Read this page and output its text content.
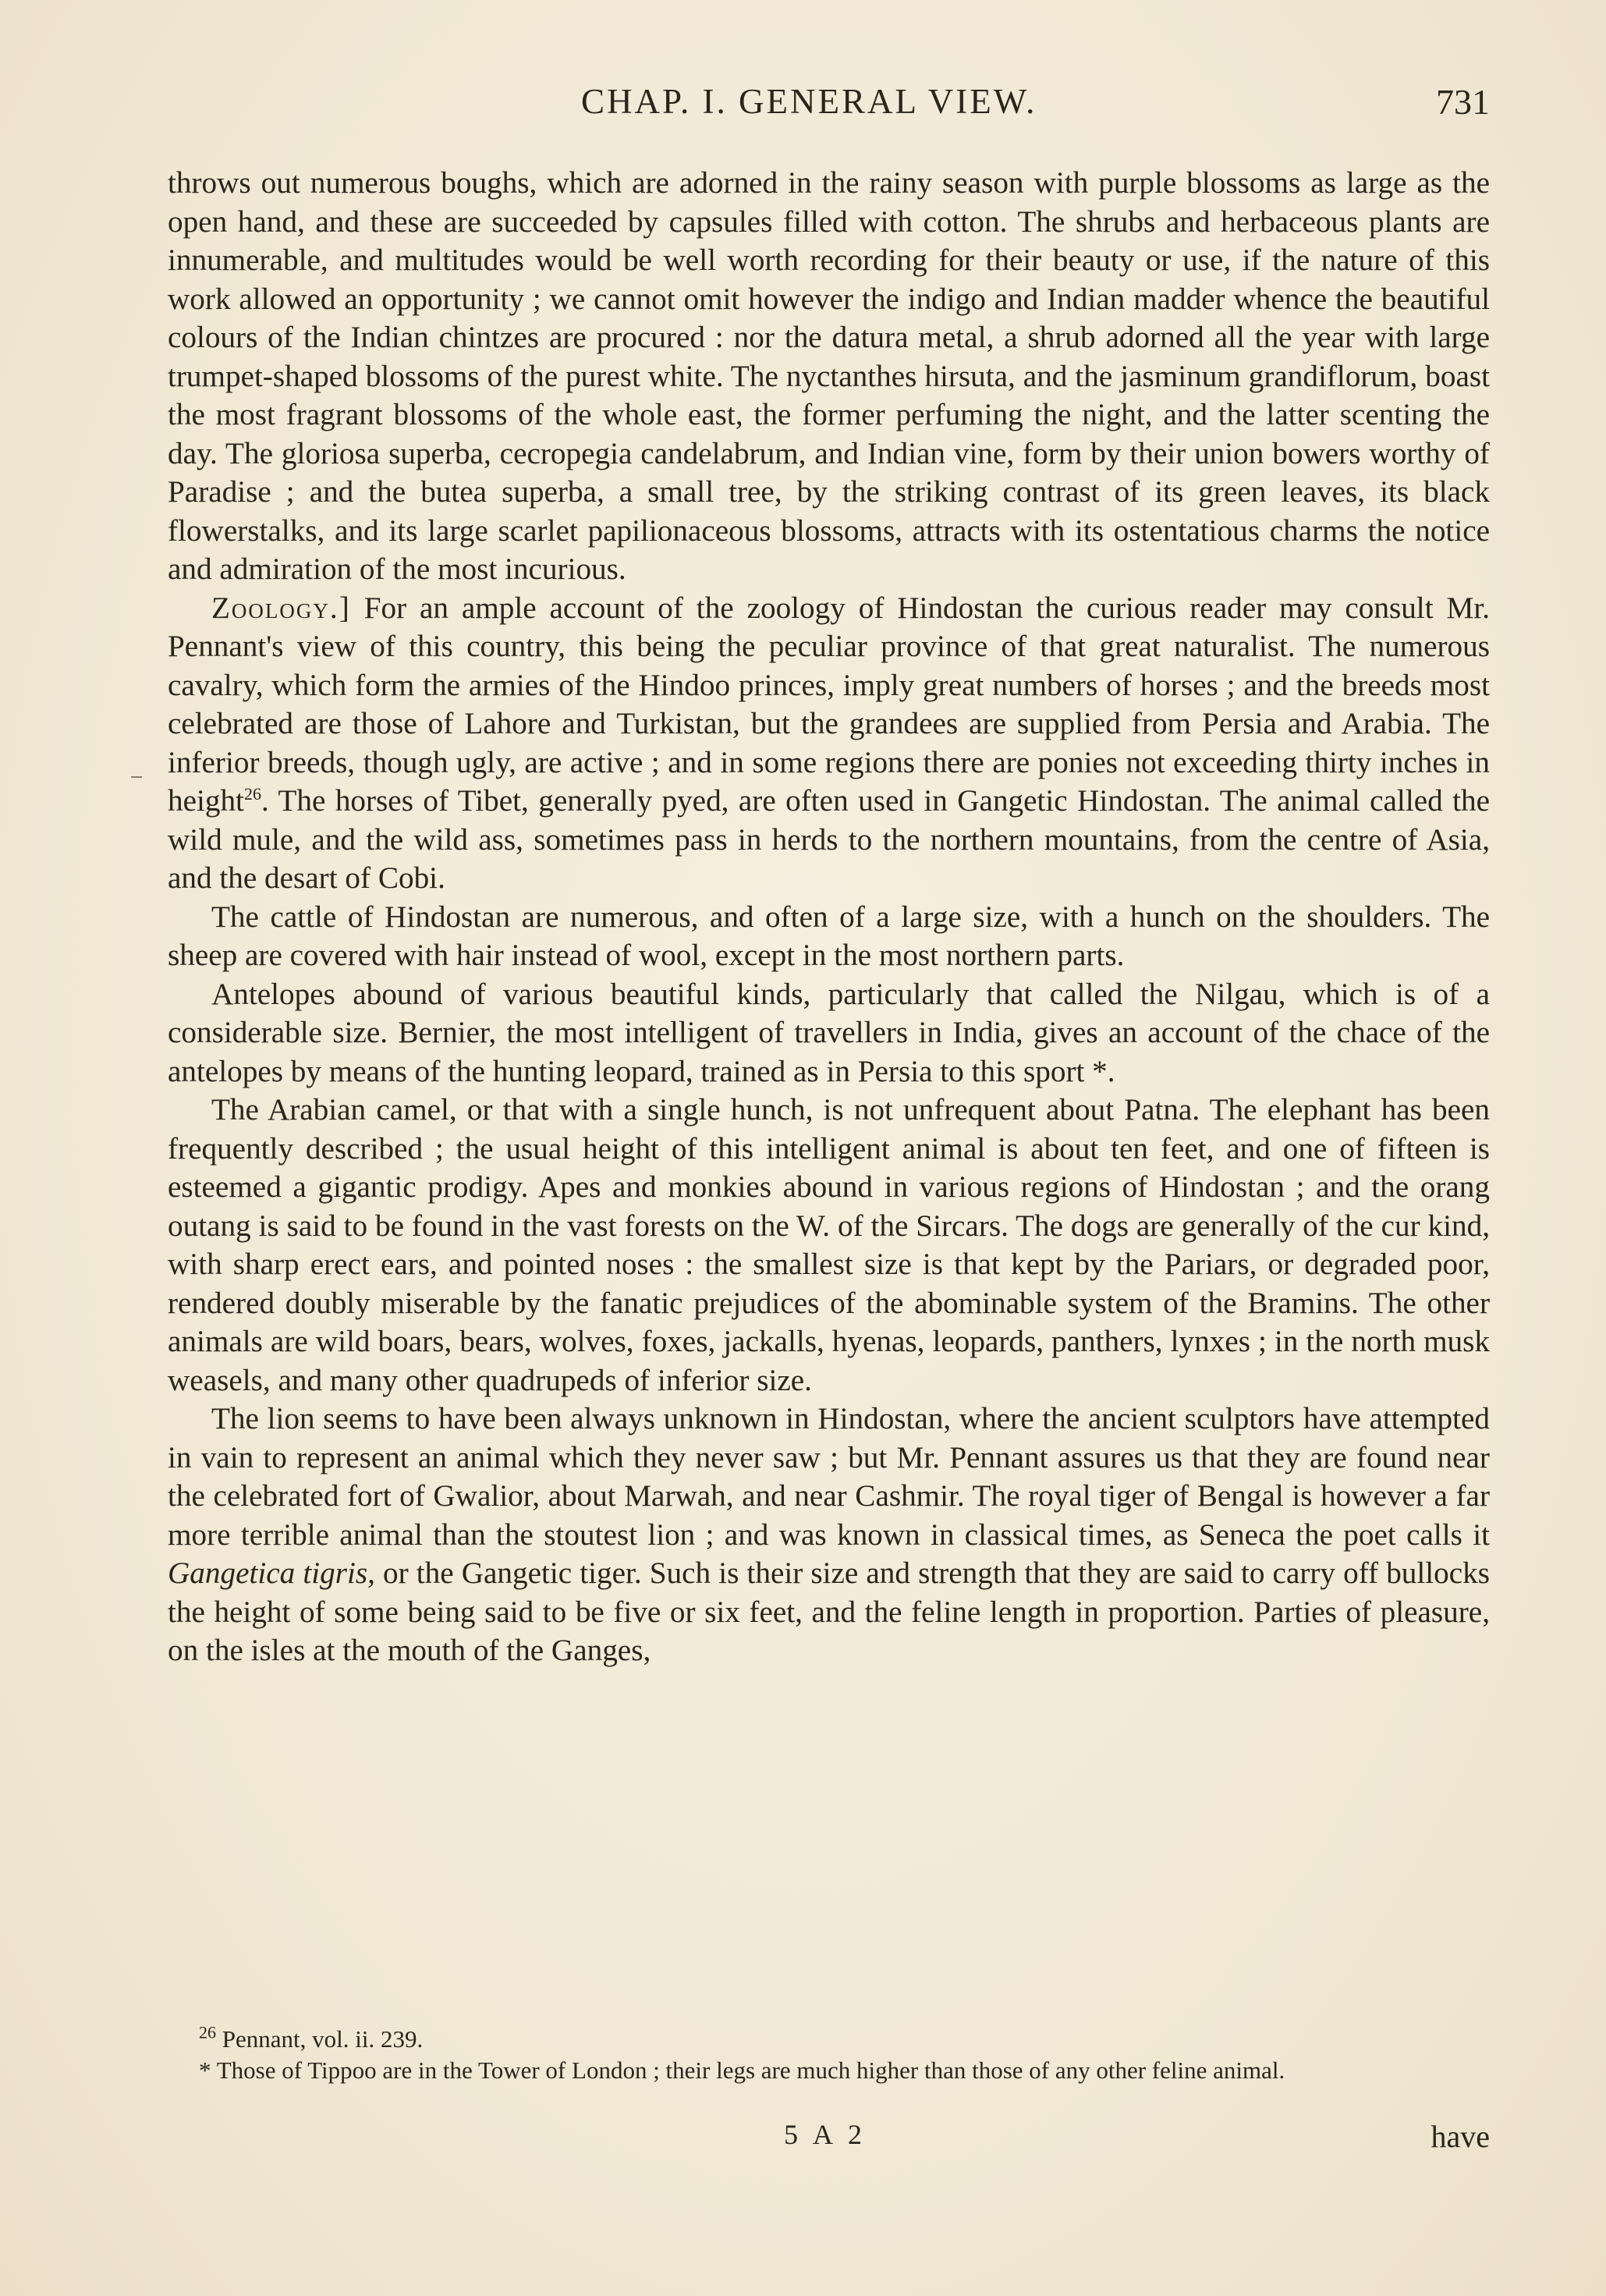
CHAP. I. GENERAL VIEW.	731

throws out numerous boughs, which are adorned in the rainy season with purple blossoms as large as the open hand, and these are succeeded by capsules filled with cotton. The shrubs and herbaceous plants are innumerable, and multitudes would be well worth recording for their beauty or use, if the nature of this work allowed an opportunity ; we cannot omit however the indigo and Indian madder whence the beautiful colours of the Indian chintzes are procured : nor the datura metal, a shrub adorned all the year with large trumpet-shaped blossoms of the purest white. The nyctanthes hirsuta, and the jasminum grandiflorum, boast the most fragrant blossoms of the whole east, the former perfuming the night, and the latter scenting the day. The gloriosa superba, cecropegia candelabrum, and Indian vine, form by their union bowers worthy of Paradise ; and the butea superba, a small tree, by the striking contrast of its green leaves, its black flowerstalks, and its large scarlet papilionaceous blossoms, attracts with its ostentatious charms the notice and admiration of the most incurious.

Zoology.] For an ample account of the zoology of Hindostan the curious reader may consult Mr. Pennant's view of this country, this being the peculiar province of that great naturalist. The numerous cavalry, which form the armies of the Hindoo princes, imply great numbers of horses ; and the breeds most celebrated are those of Lahore and Turkistan, but the grandees are supplied from Persia and Arabia. The inferior breeds, though ugly, are active ; and in some regions there are ponies not exceeding thirty inches in height$^{26}$. The horses of Tibet, generally pyed, are often used in Gangetic Hindostan. The animal called the wild mule, and the wild ass, sometimes pass in herds to the northern mountains, from the centre of Asia, and the desart of Cobi.

The cattle of Hindostan are numerous, and often of a large size, with a hunch on the shoulders. The sheep are covered with hair instead of wool, except in the most northern parts.

Antelopes abound of various beautiful kinds, particularly that called the Nilgau, which is of a considerable size. Bernier, the most intelligent of travellers in India, gives an account of the chace of the antelopes by means of the hunting leopard, trained as in Persia to this sport *.

The Arabian camel, or that with a single hunch, is not unfrequent about Patna. The elephant has been frequently described ; the usual height of this intelligent animal is about ten feet, and one of fifteen is esteemed a gigantic prodigy. Apes and monkies abound in various regions of Hindostan ; and the orang outang is said to be found in the vast forests on the W. of the Sircars. The dogs are generally of the cur kind, with sharp erect ears, and pointed noses : the smallest size is that kept by the Pariars, or degraded poor, rendered doubly miserable by the fanatic prejudices of the abominable system of the Bramins. The other animals are wild boars, bears, wolves, foxes, jackalls, hyenas, leopards, panthers, lynxes ; in the north musk weasels, and many other quadrupeds of inferior size.

The lion seems to have been always unknown in Hindostan, where the ancient sculptors have attempted in vain to represent an animal which they never saw ; but Mr. Pennant assures us that they are found near the celebrated fort of Gwalior, about Marwah, and near Cashmir. The royal tiger of Bengal is however a far more terrible animal than the stoutest lion ; and was known in classical times, as Seneca the poet calls it Gangetica tigris, or the Gangetic tiger. Such is their size and strength that they are said to carry off bullocks the height of some being said to be five or six feet, and the feline length in proportion. Parties of pleasure, on the isles at the mouth of the Ganges,

$^{26}$ Pennant, vol. ii. 239.

* Those of Tippoo are in the Tower of London ; their legs are much higher than those of any other feline animal.

5 A 2	have
